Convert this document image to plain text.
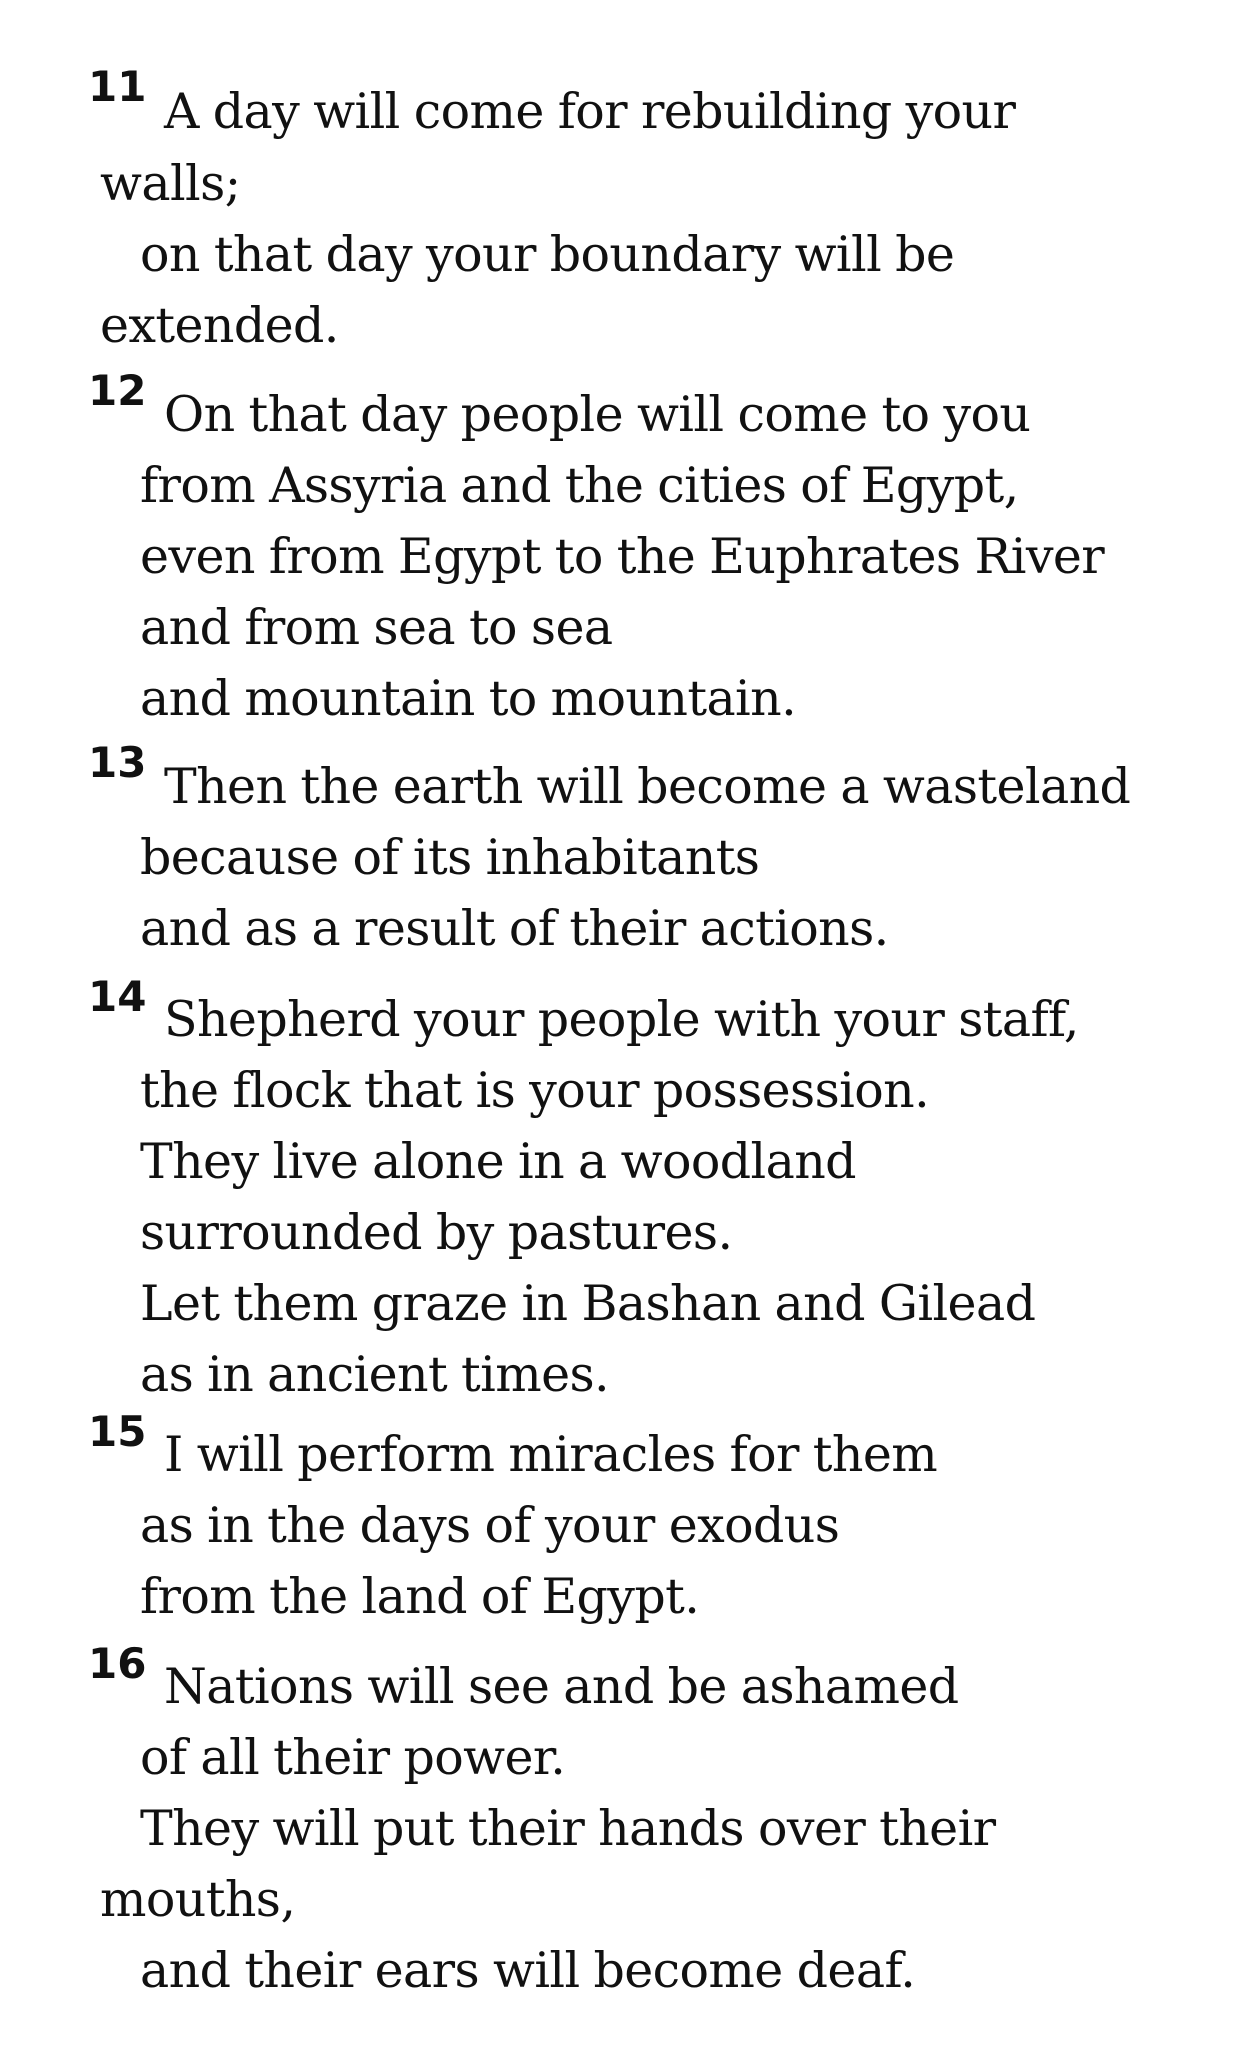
11 A day will come for rebuilding your
walls;
on that day your boundary will be
extended.
12 On that day people will come to you
from Assyria and the cities of Egypt,
even from Egypt to the Euphrates River
and from sea to sea
and mountain to mountain.
13 Then the earth will become a wasteland
because of its inhabitants
and as a result of their actions.
14 Shepherd your people with your staff,
the flock that is your possession.
They live alone in a woodland
surrounded by pastures.
Let them graze in Bashan and Gilead
as in ancient times.
15 I will perform miracles for them
as in the days of your exodus
from the land of Egypt.
16 Nations will see and be ashamed
of all their power.
They will put their hands over their
mouths,
and their ears will become deaf.
